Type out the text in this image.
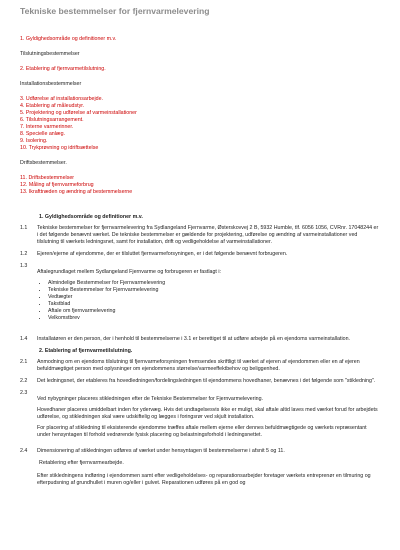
Tekniske bestemmelser for fjernvarmelevering
1. Gyldighedsområde og definitioner m.v.
Tilslutningsbestemmelser
2. Etablering af fjernvarmetilslutning.
Installationsbestemmelser
3. Udførelse af installationsarbejde.
4. Etablering af måleudstyr.
5. Projektering og udførelse af varmeinstallationer
6. Tilslutningsarrangement.
7. Interne varmerinner.
8. Specielle anlæg.
9. Isolering.
10. Trykprøvning og idriftsættelse
Driftsbestemmelser.
11. Driftsbestemmelser
12. Måling af fjernvarmeforbrug
13. Ikrafttræden og ændring af bestemmelserne
1. Gyldighedsområde og definitioner m.v.
1.1	Tekniske bestemmelser for fjernvarmelevering fra Sydlangeland Fjernvarme, Østerskovvej 2 B, 5932 Humble, tlf. 6056 1056, CVRnr. 17048244 er i det følgende benævnt værket. De tekniske bestemmelser er gældende for projektering, udførelse og ændring af varmeinstallationer ved tilslutning til værkets ledningsnet, samt for installation, drift og vedligeholdelse af varmeinstallationer.
1.2	Ejeren/ejerne af ejendomme, der er tilsluttet fjernvarmeforsyningen, er i det følgende benævnt forbrugeren.
1.3

Aftalegrundlaget mellem Sydlangeland Fjernvarme og forbrugeren er fastlagt i:

• Almindelige Bestemmelser for Fjernvarmelevering
• Tekniske Bestemmelser for Fjernvarmelevering
• Vedtægter
• Takstblad
• Aftale om fjernvarmelevering
• Velkomstbrev
1.4	Installatøren er den person, der i henhold til bestemmelserne i 3.1 er berettiget til at udføre arbejde på en ejendoms varmeinstallation.
2. Etablering af fjernvarmetilslutning.
2.1	Anmodning om en ejendoms tilslutning til fjernvarmeforsyningen fremsendes skriftligt til værket af ejeren af ejendommen eller en af ejeren befuldmægtiget person med oplysninger om ejendommens størrelse/varmeeffektbehov og beliggenhed.
2.2	Det ledningsnet, der etableres fra hovedledningen/fordelingsledningen til ejendommens hovedhaner, benævnes i det følgende som "stikledning".
2.3

Ved nybygninger placeres stikledningen efter de Tekniske Bestemmelser for Fjernvarmelevering.

Hovedhaner placeres umiddelbart inden for ydervæg. Hvis det undtagelsesvis ikke er muligt, skal aftale altid laves med værket forud for arbejdets udførelse, og stikledningen skal være udskiftelig og lægges i foringsrør ved skjult installation.

For placering af stikledning til eksisterende ejendomme træffes aftale mellem ejerne eller dennes befuldmægtigede og værkets repræsentant under hensyntagen til forhold vedrørende fysisk placering og belastningsforhold i ledningsnettet.

2.4	Dimensionering af stikledningen udføres af værket under hensyntagen til bestemmelserne i afsnit 5 og 11.
Retablering efter fjernvarmearbejde.
Efter stikledningens indføring i ejendommen samt efter vedligeholdelses- og reparationsarbejder foretager værkets entreprenør en tilmuring og efterpudsning af grundhullet i muren og/eller i gulvet. Reparationen udføres på en god og
